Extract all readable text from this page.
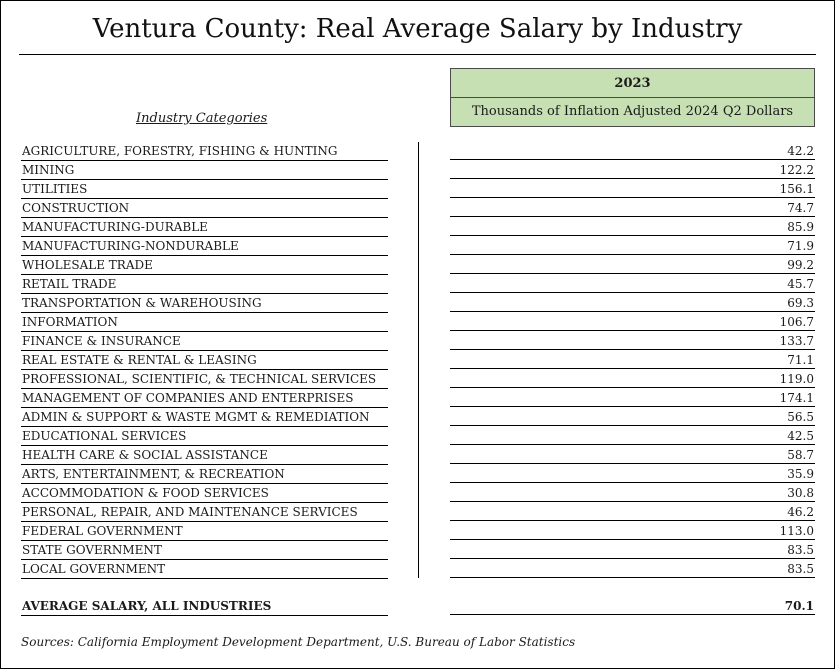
Ventura County: Real Average Salary by Industry
Industry Categories
2023
Thousands of Inflation Adjusted 2024 Q2 Dollars
AGRICULTURE, FORESTRY, FISHING & HUNTING	42.2
MINING	122.2
UTILITIES	156.1
CONSTRUCTION	74.7
MANUFACTURING-DURABLE	85.9
MANUFACTURING-NONDURABLE	71.9
WHOLESALE TRADE	99.2
RETAIL TRADE	45.7
TRANSPORTATION & WAREHOUSING	69.3
INFORMATION	106.7
FINANCE & INSURANCE	133.7
REAL ESTATE & RENTAL & LEASING	71.1
PROFESSIONAL, SCIENTIFIC, & TECHNICAL SERVICES	119.0
MANAGEMENT OF COMPANIES AND ENTERPRISES	174.1
ADMIN & SUPPORT & WASTE MGMT & REMEDIATION	56.5
EDUCATIONAL SERVICES	42.5
HEALTH CARE & SOCIAL ASSISTANCE	58.7
ARTS, ENTERTAINMENT, & RECREATION	35.9
ACCOMMODATION & FOOD SERVICES	30.8
PERSONAL, REPAIR, AND MAINTENANCE SERVICES	46.2
FEDERAL GOVERNMENT	113.0
STATE GOVERNMENT	83.5
LOCAL GOVERNMENT	83.5
AVERAGE SALARY, ALL INDUSTRIES	70.1
Sources: California Employment Development Department, U.S. Bureau of Labor Statistics
